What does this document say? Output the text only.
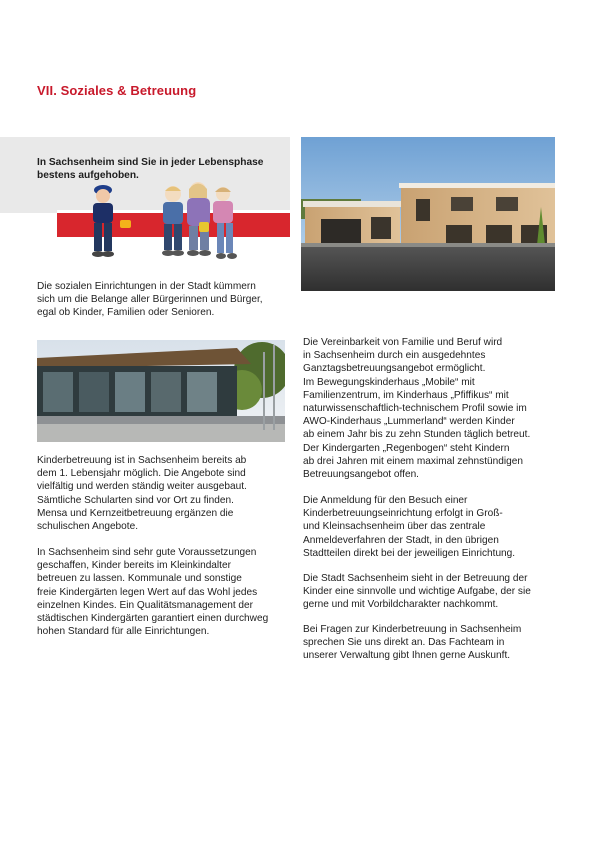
VII. Soziales & Betreuung
In Sachsenheim sind Sie in jeder Lebensphase
bestens aufgehoben.
Die sozialen Einrichtungen in der Stadt kümmern
sich um die Belange aller Bürgerinnen und Bürger,
egal ob Kinder, Familien oder Senioren.
Kinderbetreuung ist in Sachsenheim bereits ab
dem 1. Lebensjahr möglich. Die Angebote sind
vielfältig und werden ständig weiter ausgebaut.
Sämtliche Schularten sind vor Ort zu finden.
Mensa und Kernzeitbetreuung ergänzen die
schulischen Angebote.
In Sachsenheim sind sehr gute Voraussetzungen
geschaffen, Kinder bereits im Kleinkindalter
betreuen zu lassen. Kommunale und sonstige
freie Kindergärten legen Wert auf das Wohl jedes
einzelnen Kindes. Ein Qualitätsmanagement der
städtischen Kindergärten garantiert einen durchweg
hohen Standard für alle Einrichtungen.
Die Vereinbarkeit von Familie und Beruf wird
in Sachsenheim durch ein ausgedehntes
Ganztagsbetreuungsangebot ermöglicht.
Im Bewegungskinderhaus „Mobile“ mit
Familienzentrum, im Kinderhaus „Pfiffikus“ mit
naturwissenschaftlich-technischem Profil sowie im
AWO-Kinderhaus „Lummerland“ werden Kinder
ab einem Jahr bis zu zehn Stunden täglich betreut.
Der Kindergarten „Regenbogen“ steht Kindern
ab drei Jahren mit einem maximal zehnstündigen
Betreuungsangebot offen.
Die Anmeldung für den Besuch einer
Kinderbetreuungseinrichtung erfolgt in Groß-
und Kleinsachsenheim über das zentrale
Anmeldeverfahren der Stadt, in den übrigen
Stadtteilen direkt bei der jeweiligen Einrichtung.
Die Stadt Sachsenheim sieht in der Betreuung der
Kinder eine sinnvolle und wichtige Aufgabe, der sie
gerne und mit Vorbildcharakter nachkommt.
Bei Fragen zur Kinderbetreuung in Sachsenheim
sprechen Sie uns direkt an. Das Fachteam in
unserer Verwaltung gibt Ihnen gerne Auskunft.
